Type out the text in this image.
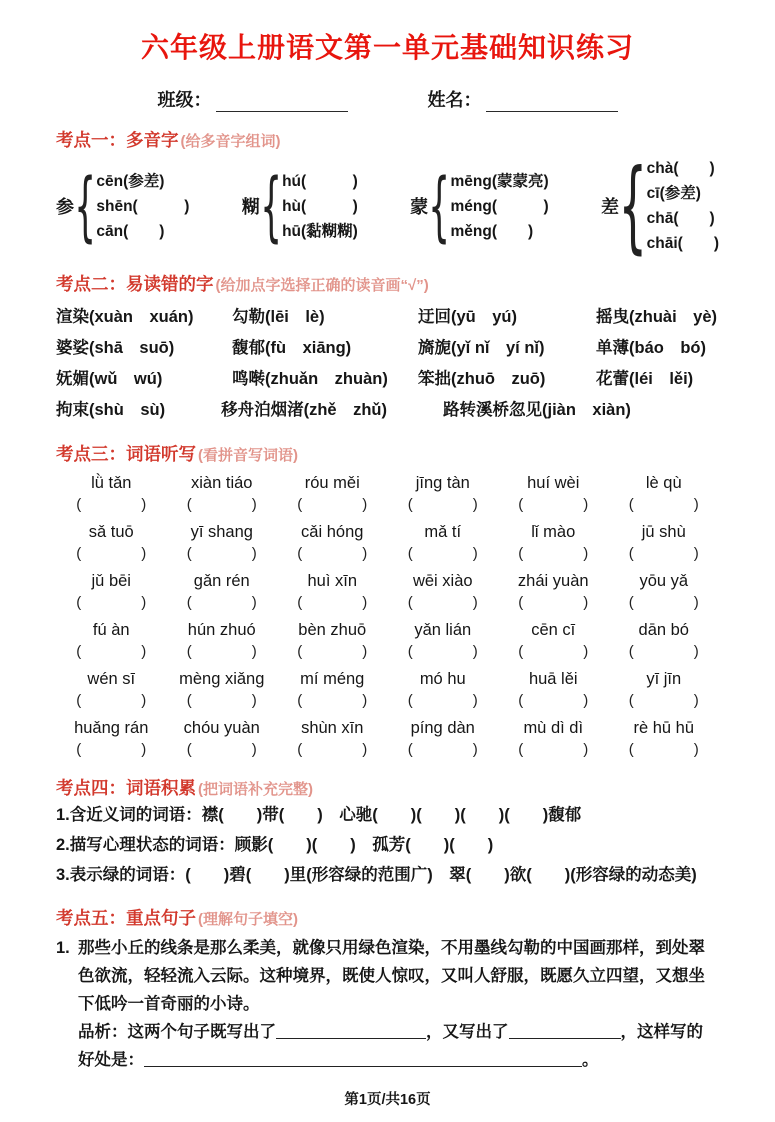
六年级上册语文第一单元基础知识练习
班级：	姓名：
考点一：多音字 (给多音字组词)
参 { cēn(参差)
shēn(　　　)
cān(　　)
糊 { hú(　　　)
hù(　　　)
hū(黏糊糊)
蒙 { mēng(蒙蒙亮)
méng(　　　)
měng(　　)
差 { chà(　　)
cī(参差)
chā(　　)
chāi(　　)
考点二：易读错的字 (给加点字选择正确的读音画“√”)
渲染(xuàn　xuán)	勾勒(lēi　lè)	迂回(yū　yú)	摇曳(zhuài　yè)
婆娑(shā　suō)	馥郁(fù　xiāng)	旖旎(yǐ nǐ　yí nǐ)	单薄(báo　bó)
妩媚(wǔ　wú)	鸣啭(zhuǎn　zhuàn)	笨拙(zhuō　zuō)	花蕾(léi　lěi)
拘束(shù　sù)	移舟泊烟渚(zhě　zhǔ)	路转溪桥忽见(jiàn　xiàn)
考点三：词语听写 (看拼音写词语)
lǜ tǎn	xiàn tiáo	róu měi	jīng tàn	huí wèi	lè qù
(　　　　)	(　　　　)	(　　　　)	(　　　　)	(　　　　)	(　　　　)
sǎ tuō	yī shang	cǎi hóng	mǎ tí	lǐ mào	jū shù
(　　　　)	(　　　　)	(　　　　)	(　　　　)	(　　　　)	(　　　　)
jǔ bēi	gǎn rén	huì xīn	wēi xiào	zhái yuàn	yōu yǎ
(　　　　)	(　　　　)	(　　　　)	(　　　　)	(　　　　)	(　　　　)
fú àn	hún zhuó	bèn zhuō	yǎn lián	cēn cī	dān bó
(　　　　)	(　　　　)	(　　　　)	(　　　　)	(　　　　)	(　　　　)
wén sī	mèng xiǎng	mí méng	mó hu	huā lěi	yī jīn
(　　　　)	(　　　　)	(　　　　)	(　　　　)	(　　　　)	(　　　　)
huǎng rán	chóu yuàn	shùn xīn	píng dàn	mù dì dì	rè hū hū
(　　　　)	(　　　　)	(　　　　)	(　　　　)	(　　　　)	(　　　　)
考点四：词语积累 (把词语补充完整)
1.含近义词的词语：襟(　　)带(　　)　心驰(　　)(　　)(　　)(　　)馥郁
2.描写心理状态的词语：顾影(　　)(　　)　孤芳(　　)(　　)
3.表示绿的词语：(　　)碧(　　)里(形容绿的范围广)　翠(　　)欲(　　)(形容绿的动态美)
考点五：重点句子 (理解句子填空)
1. 那些小丘的线条是那么柔美，就像只用绿色渲染，不用墨线勾勒的中国画那样，到处翠色欲流，轻轻流入云际。这种境界，既使人惊叹，又叫人舒服，既愿久立四望，又想坐下低吟一首奇丽的小诗。
品析：这两个句子既写出了	，又写出了	，这样写的好处是：	。
第1页/共16页
